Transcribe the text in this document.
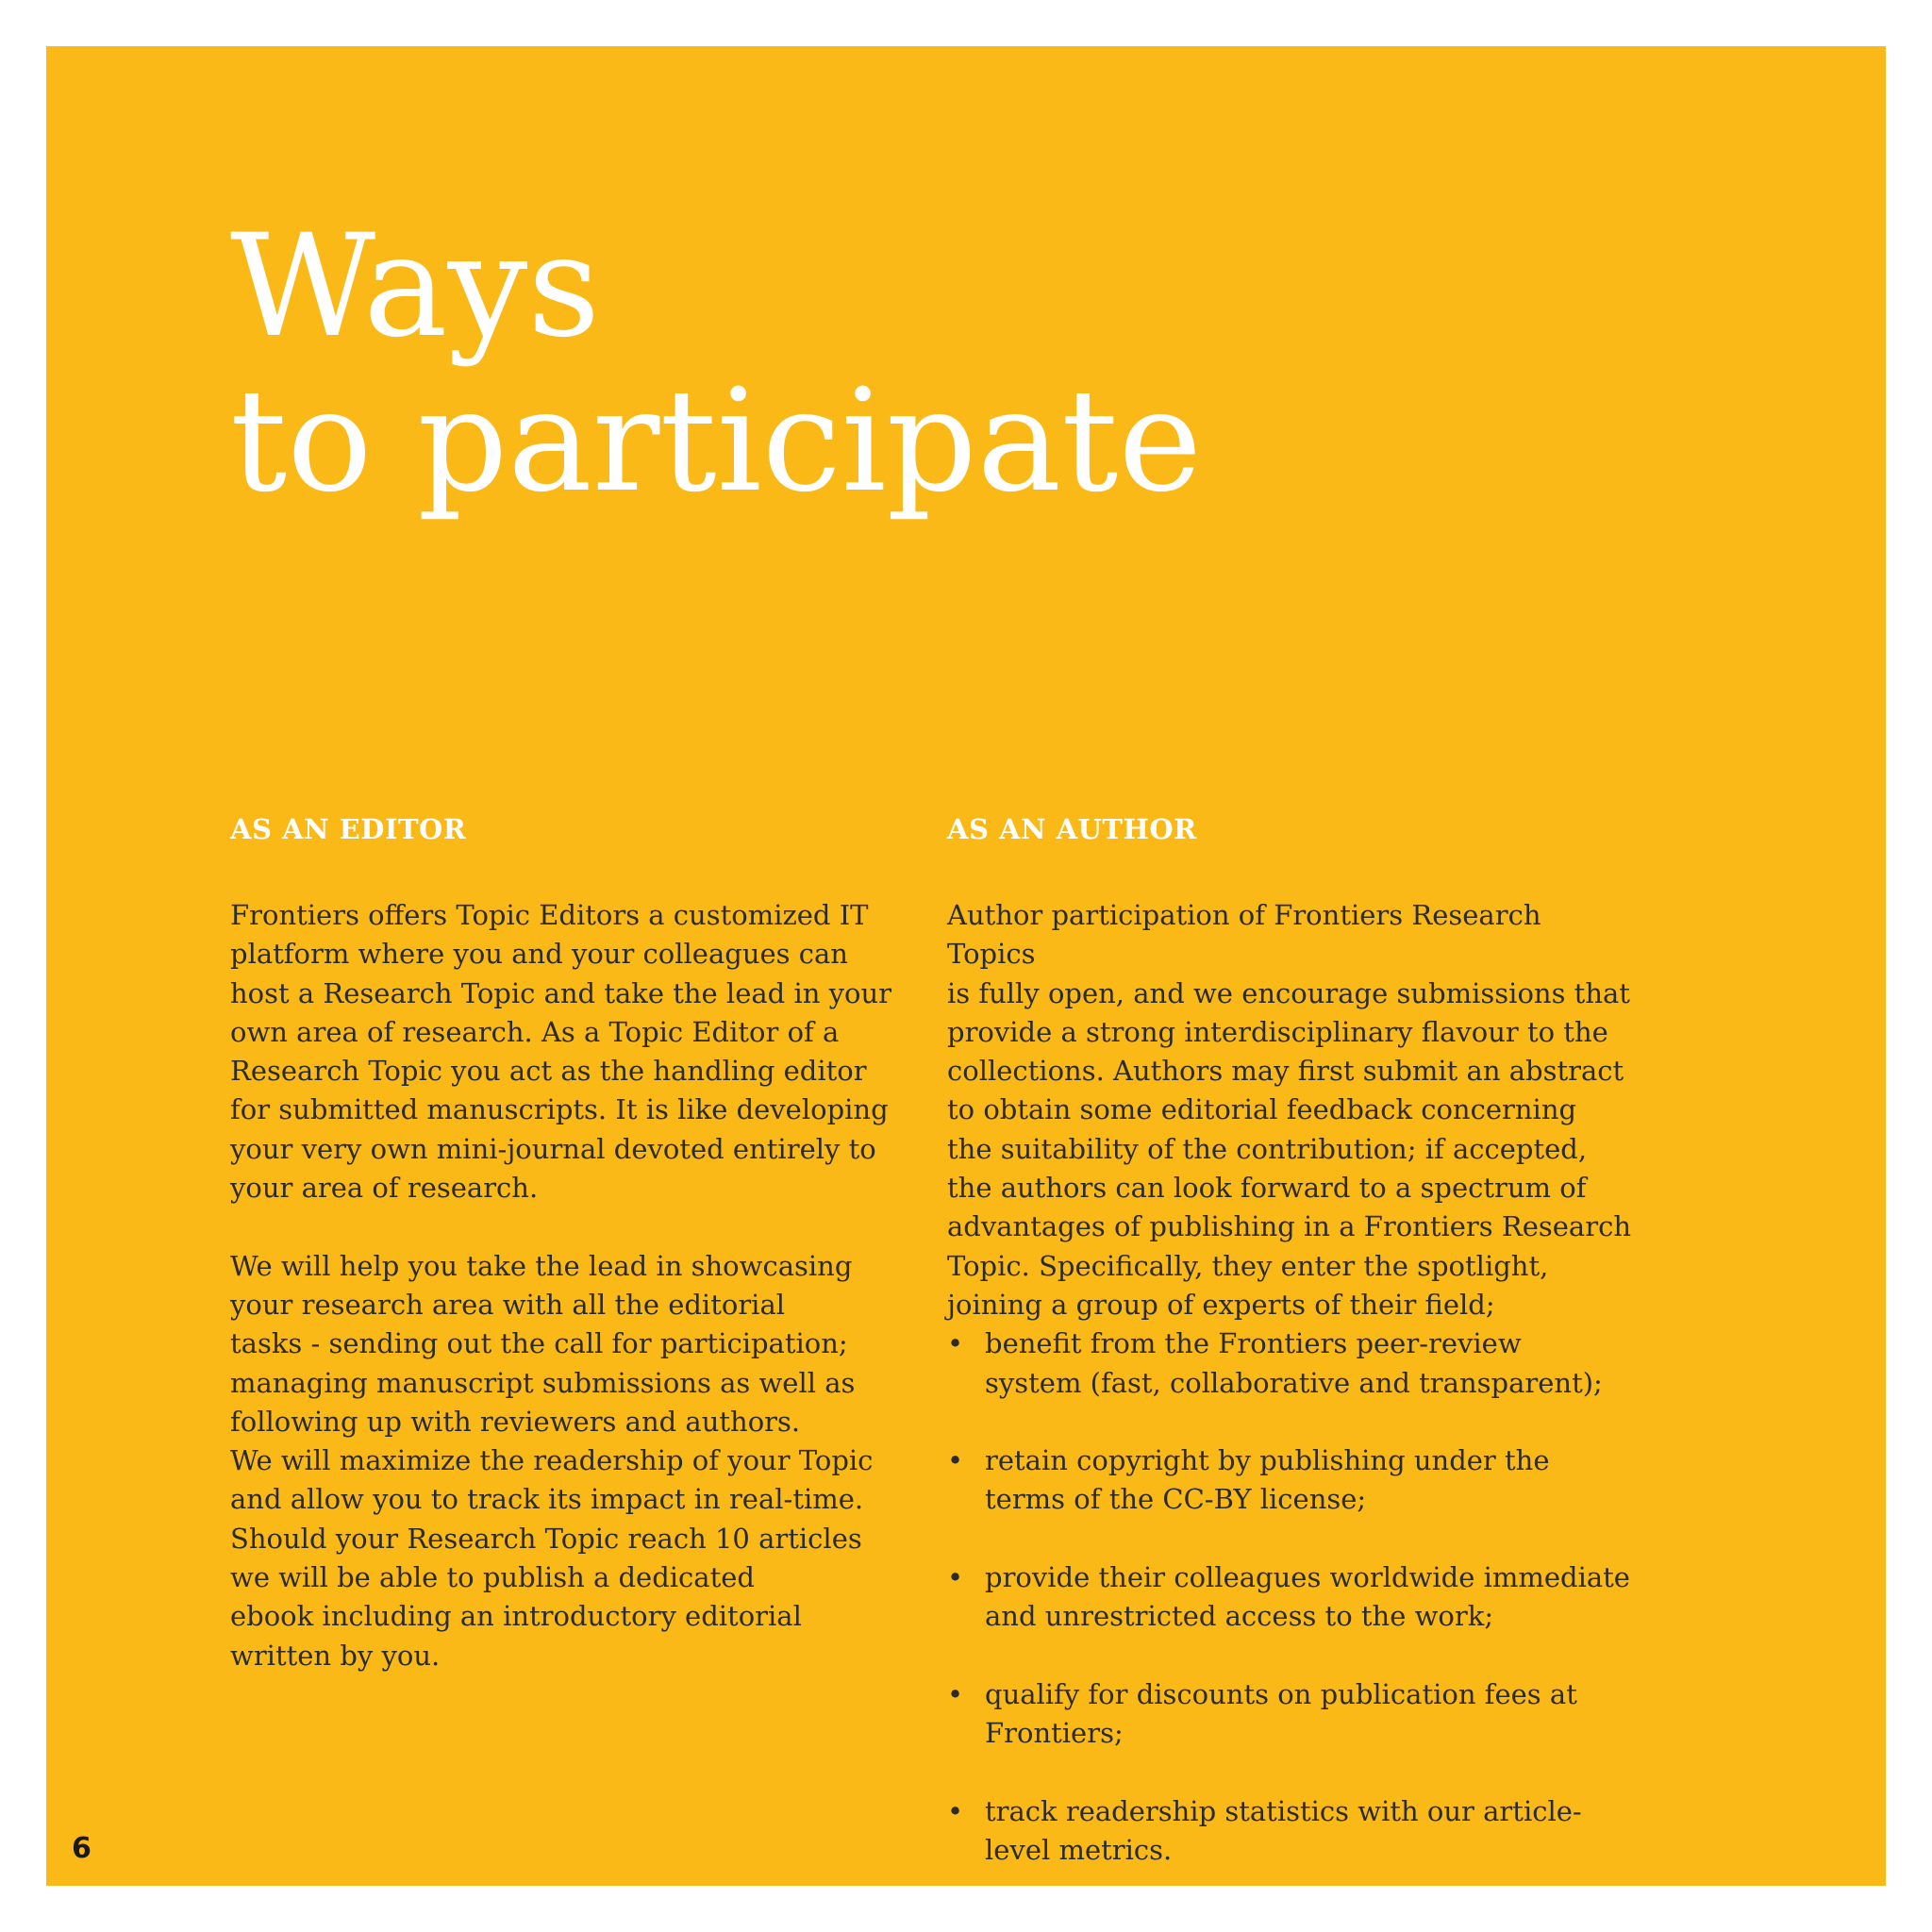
Ways
to participate
AS AN EDITOR

Frontiers offers Topic Editors a customized IT
platform where you and your colleagues can
host a Research Topic and take the lead in your
own area of research. As a Topic Editor of a
Research Topic you act as the handling editor
for submitted manuscripts. It is like developing
your very own mini-journal devoted entirely to
your area of research.

We will help you take the lead in showcasing
your research area with all the editorial
tasks - sending out the call for participation;
managing manuscript submissions as well as
following up with reviewers and authors.
We will maximize the readership of your Topic
and allow you to track its impact in real-time.
Should your Research Topic reach 10 articles
we will be able to publish a dedicated
ebook including an introductory editorial
written by you.

AS AN AUTHOR

Author participation of Frontiers Research Topics
is fully open, and we encourage submissions that
provide a strong interdisciplinary flavour to the
collections. Authors may first submit an abstract
to obtain some editorial feedback concerning
the suitability of the contribution; if accepted,
the authors can look forward to a spectrum of
advantages of publishing in a Frontiers Research
Topic. Specifically, they enter the spotlight,
joining a group of experts of their field;

• benefit from the Frontiers peer-review
system (fast, collaborative and transparent);
• retain copyright by publishing under the
terms of the CC-BY license;
• provide their colleagues worldwide immediate
and unrestricted access to the work;
• qualify for discounts on publication fees at
Frontiers;
• track readership statistics with our article-
level metrics.
6
